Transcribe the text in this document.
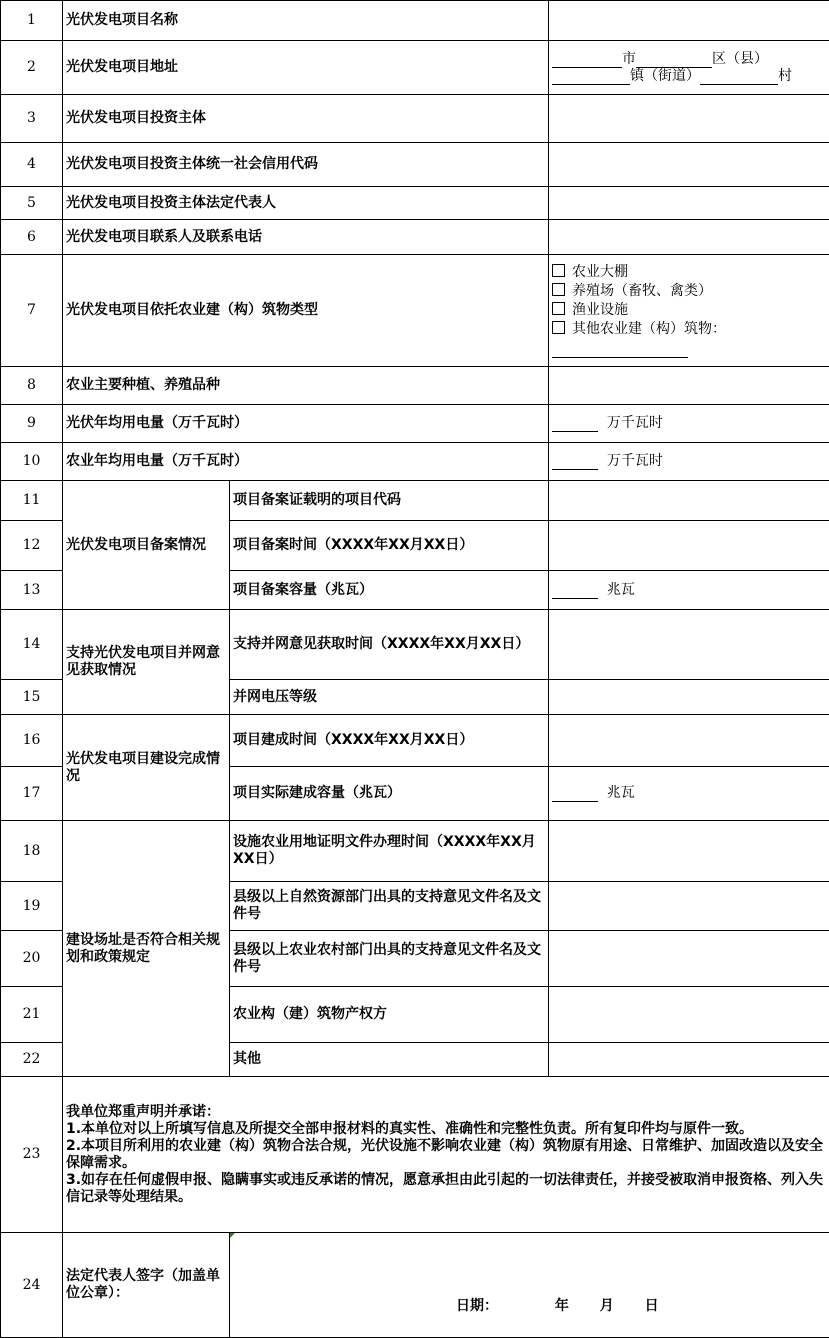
1	光伏发电项目名称		
2	光伏发电项目地址		市 区（县）
镇（街道） 村

3	光伏发电项目投资主体		
4	光伏发电项目投资主体统一社会信用代码		
5	光伏发电项目投资主体法定代表人		
6	光伏发电项目联系人及联系电话		
7	光伏发电项目依托农业建（构）筑物类型		农业大棚
养殖场（畜牧、禽类）
渔业设施
其他农业建（构）筑物：

8	农业主要种植、养殖品种		
9	光伏年均用电量（万千瓦时）		万千瓦时
10	农业年均用电量（万千瓦时）		万千瓦时
11	光伏发电项目备案情况	项目备案证载明的项目代码	
12		项目备案时间（XXXX年XX月XX日）	
13		项目备案容量（兆瓦）	兆瓦
14	支持光伏发电项目并网意见获取情况	支持并网意见获取时间（XXXX年XX月XX日）	
15		并网电压等级	
16	光伏发电项目建设完成情况	项目建成时间（XXXX年XX月XX日）	
17		项目实际建成容量（兆瓦）	兆瓦
18	建设场址是否符合相关规划和政策规定	设施农业用地证明文件办理时间（XXXX年XX月XX日）	
19		县级以上自然资源部门出具的支持意见文件名及文件号	
20		县级以上农业农村部门出具的支持意见文件名及文件号	
21		农业构（建）筑物产权方	
22		其他	
23	我单位郑重声明并承诺：
1.本单位对以上所填写信息及所提交全部申报材料的真实性、准确性和完整性负责。所有复印件均与原件一致。
2.本项目所利用的农业建（构）筑物合法合规，光伏设施不影响农业建（构）筑物原有用途、日常维护、加固改造以及安全保障需求。
3.如存在任何虚假申报、隐瞒事实或违反承诺的情况，愿意承担由此引起的一切法律责任，并接受被取消申报资格、列入失信记录等处理结果。		

24	法定代表人签字（加盖单位公章）：	日期： 年 月 日	
